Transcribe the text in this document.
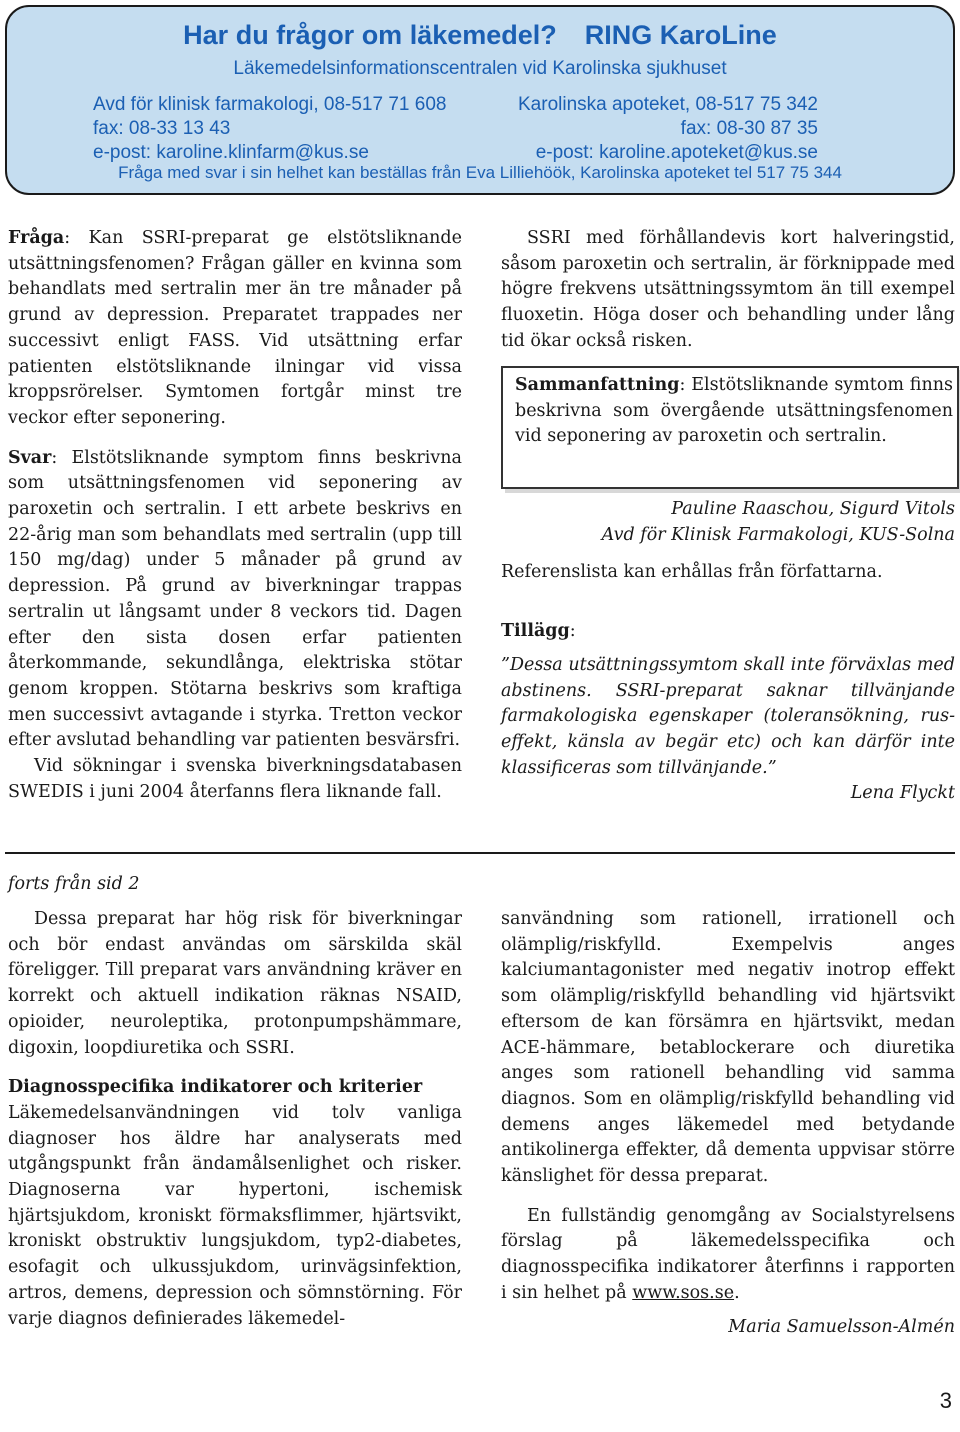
Har du frågor om läkemedel? RING KaroLine
Läkemedelsinformationscentralen vid Karolinska sjukhuset
Avd för klinisk farmakologi, 08-517 71 608
fax: 08-33 13 43
e-post: karoline.klinfarm@kus.se
Karolinska apoteket, 08-517 75 342
fax: 08-30 87 35
e-post: karoline.apoteket@kus.se
Fråga med svar i sin helhet kan beställas från Eva Lilliehöök, Karolinska apoteket tel 517 75 344

Fråga: Kan SSRI-preparat ge elstötsliknande utsättningsfenomen? Frågan gäller en kvinna som behandlats med sertralin mer än tre månader på grund av depression. Preparatet trappades ner successivt enligt FASS. Vid utsättning erfar patienten elstötsliknande ilningar vid vissa kroppsrörelser. Symtomen fortgår minst tre veckor efter seponering.

Svar: Elstötsliknande symptom finns beskrivna som utsättningsfenomen vid seponering av paroxetin och sertralin. I ett arbete beskrivs en 22-årig man som behandlats med sertralin (upp till 150 mg/dag) under 5 månader på grund av depression. På grund av biverkningar trappas sertralin ut långsamt under 8 veckors tid. Dagen efter den sista dosen erfar patienten återkommande, sekundlånga, elektriska stötar genom kroppen. Stötarna beskrivs som kraftiga men successivt avtagande i styrka. Tretton veckor efter avslutad behandling var patienten besvärsfri.

Vid sökningar i svenska biverkningsdatabasen SWEDIS i juni 2004 återfanns flera liknande fall.

SSRI med förhållandevis kort halveringstid, såsom paroxetin och sertralin, är förknippade med högre frekvens utsättningssymtom än till exempel fluoxetin. Höga doser och behandling under lång tid ökar också risken.

Sammanfattning: Elstötsliknande symtom finns beskrivna som övergående utsättningsfenomen vid seponering av paroxetin och sertralin.

Pauline Raaschou, Sigurd Vitols

Avd för Klinisk Farmakologi, KUS-Solna

Referenslista kan erhållas från författarna.

Tillägg:

”Dessa utsättningssymtom skall inte förväxlas med abstinens. SSRI-preparat saknar tillvänjande farmakologiska egenskaper (toleransökning, rus-effekt, känsla av begär etc) och kan därför inte klassificeras som tillvänjande.”

Lena Flyckt

forts från sid 2

Dessa preparat har hög risk för biverkningar och bör endast användas om särskilda skäl föreligger. Till preparat vars användning kräver en korrekt och aktuell indikation räknas NSAID, opioider, neuroleptika, protonpumpshämmare, digoxin, loopdiuretika och SSRI.

Diagnosspecifika indikatorer och kriterier

Läkemedelsanvändningen vid tolv vanliga diagnoser hos äldre har analyserats med utgångspunkt från ändamålsenlighet och risker. Diagnoserna var hypertoni, ischemisk hjärtsjukdom, kroniskt förmaksflimmer, hjärtsvikt, kroniskt obstruktiv lungsjukdom, typ2-diabetes, esofagit och ulkussjukdom, urinvägsinfektion, artros, demens, depression och sömnstörning. För varje diagnos definierades läkemedel-

sanvändning som rationell, irrationell och olämplig/riskfylld. Exempelvis anges kalciumantagonister med negativ inotrop effekt som olämplig/riskfylld behandling vid hjärtsvikt eftersom de kan försämra en hjärtsvikt, medan ACE-hämmare, betablockerare och diuretika anges som rationell behandling vid samma diagnos. Som en olämplig/riskfylld behandling vid demens anges läkemedel med betydande antikolinerga effekter, då dementa uppvisar större känslighet för dessa preparat.

En fullständig genomgång av Socialstyrelsens förslag på läkemedelsspecifika och diagnosspecifika indikatorer återfinns i rapporten i sin helhet på www.sos.se.

Maria Samuelsson-Almén

3
